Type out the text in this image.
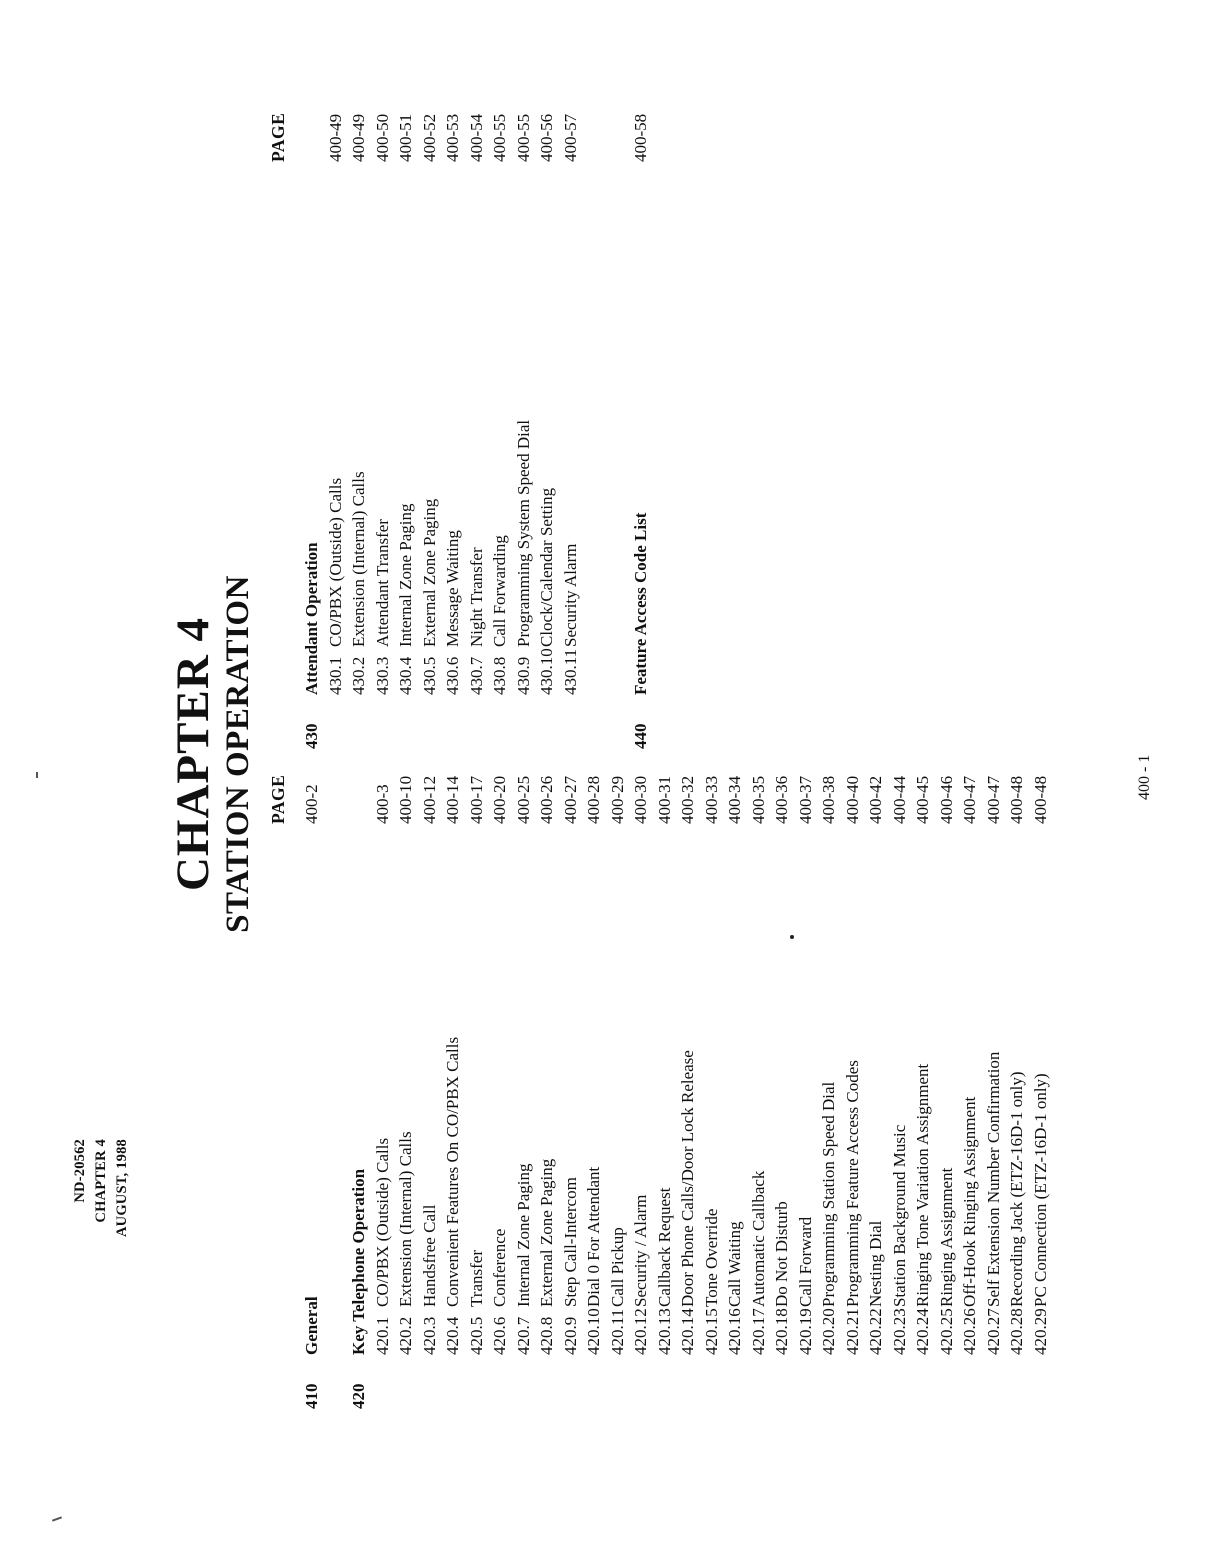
ND-20562 CHAPTER 4 AUGUST, 1988
CHAPTER 4 STATION OPERATION PAGE
PAGE
410
General
400-2
420
Key Telephone Operation 420.1
CO/PBX (Outside) Calls
400-3
420.2
Extension (Internal) Calls
400-10
420.3
Handsfree Call
400-12
420.4
Convenient Features On CO/PBX Calls
400-14
420.5
Transfer
400-17
420.6
Conference
400-20
420.7
Internal Zone Paging
400-25
420.8
External Zone Paging
400-26
420.9
Step Call-Intercom
400-27
420.10
Dial 0 For Attendant
400-28
420.11
Call Pickup
400-29
420.12
Security / Alarm
400-30
420.13
Callback Request
400-31
420.14
Door Phone Calls/Door Lock Release
400-32
420.15
Tone Override
400-33
420.16
Call Waiting
400-34
420.17
Automatic Callback
400-35
420.18
Do Not Disturb
400-36
420.19
Call Forward
400-37
420.20
Programming Station Speed Dial
400-38
420.21
Programming Feature Access Codes
400-40
420.22
Nesting Dial
400-42
420.23
Station Background Music
400-44
420.24
Ringing Tone Variation Assignment
400-45
420.25
Ringing Assignment
400-46
420.26
Off-Hook Ringing Assignment
400-47
420.27
Self Extension Number Confirmation
400-47
420.28
Recording Jack (ETZ-16D-1 only)
400-48
420.29
PC Connection (ETZ-16D-1 only)
400-48
430
Attendant Operation 430.1
CO/PBX (Outside) Calls
400-49
430.2
Extension (Internal) Calls
400-49
430.3
Attendant Transfer
400-50
430.4
Internal Zone Paging
400-51
430.5
External Zone Paging
400-52
430.6
Message Waiting
400-53
430.7
Night Transfer
400-54
430.8
Call Forwarding
400-55
430.9
Programming System Speed Dial
400-55
430.10
Clock/Calendar Setting
400-56
430.11
Security Alarm
400-57
440
Feature Access Code List
400-58
400 - 1
